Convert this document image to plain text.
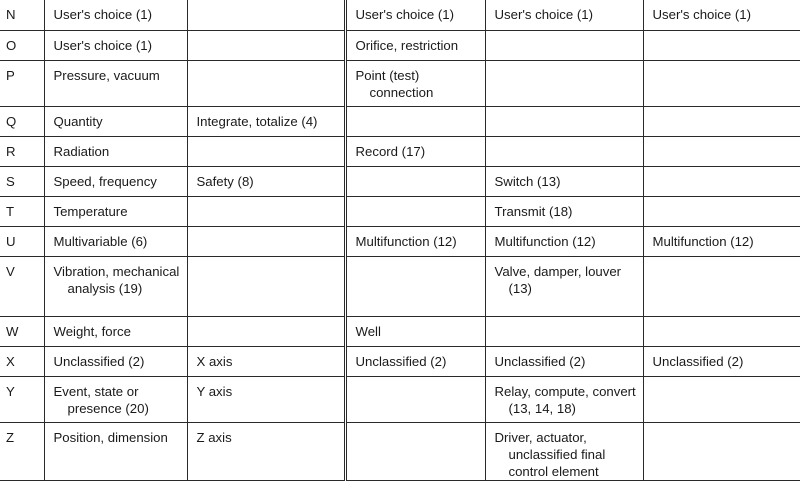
N	User's choice (1)		User's choice (1)	User's choice (1)	User's choice (1)

O	User's choice (1)		Orifice, restriction		

P	Pressure, vacuum		Point (test) connection		

Q	Quantity	Integrate, totalize (4)			

R	Radiation		Record (17)		

S	Speed, frequency	Safety (8)		Switch (13)	

T	Temperature			Transmit (18)	

U	Multivariable (6)		Multifunction (12)	Multifunction (12)	Multifunction (12)

V	Vibration, mechanical analysis (19)			Valve, damper, louver (13)	

W	Weight, force		Well		

X	Unclassified (2)	X axis	Unclassified (2)	Unclassified (2)	Unclassified (2)

Y	Event, state or presence (20)	Y axis		Relay, compute, convert (13, 14, 18)	

Z	Position, dimension	Z axis		Driver, actuator, unclassified final control element	
